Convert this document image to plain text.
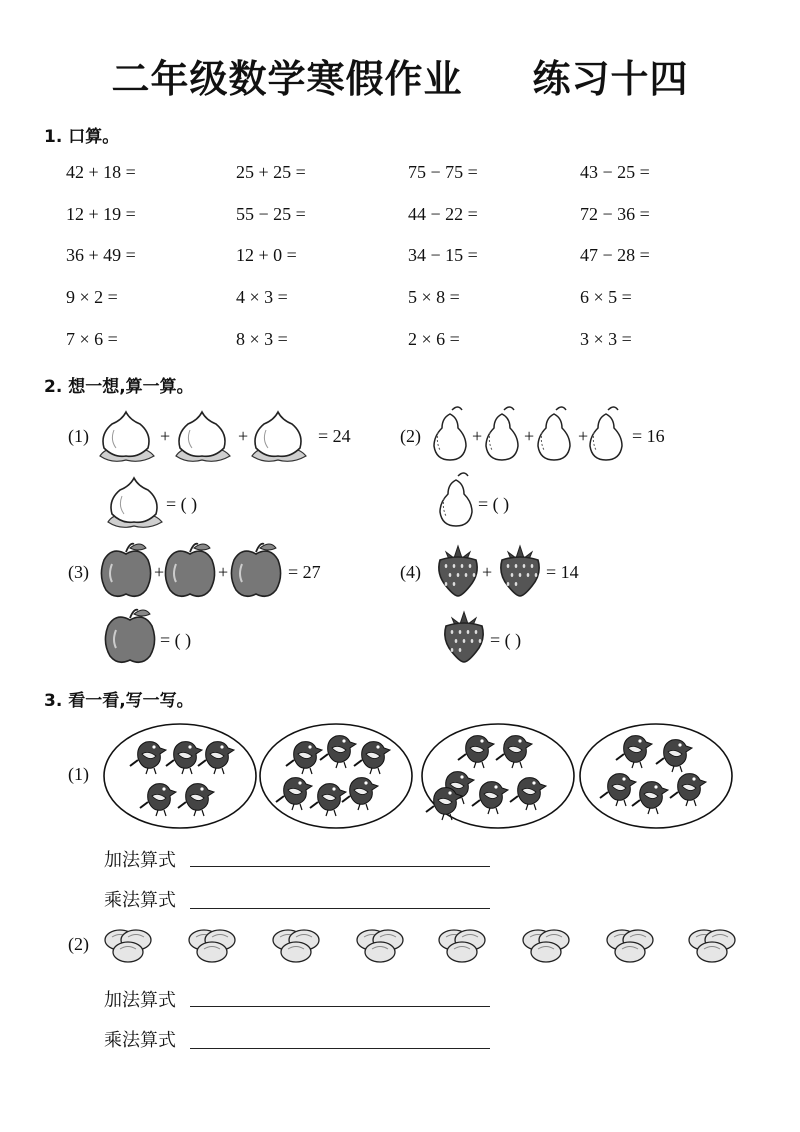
二年级数学寒假作业 练习十四
1. 口算。
42 + 18 =	25 + 25 =	75 − 75 =	43 − 25 =
12 + 19 =	55 − 25 =	44 − 22 =	72 − 36 =
36 + 49 =	12 + 0 =	34 − 15 =	47 − 28 =
9 × 2 =	4 × 3 =	5 × 8 =	6 × 5 =
7 × 6 =	8 × 3 =	2 × 6 =	3 × 3 =
2. 想一想,算一算。
(1)	= 24
= ( )
(2)	= 16
= ( )
(3)	= 27
= ( )
(4)	= 14
= ( )
+	+	+ + +
+	+	+
3. 看一看,写一写。
(1)
加法算式
乘法算式
(2)
加法算式
乘法算式
